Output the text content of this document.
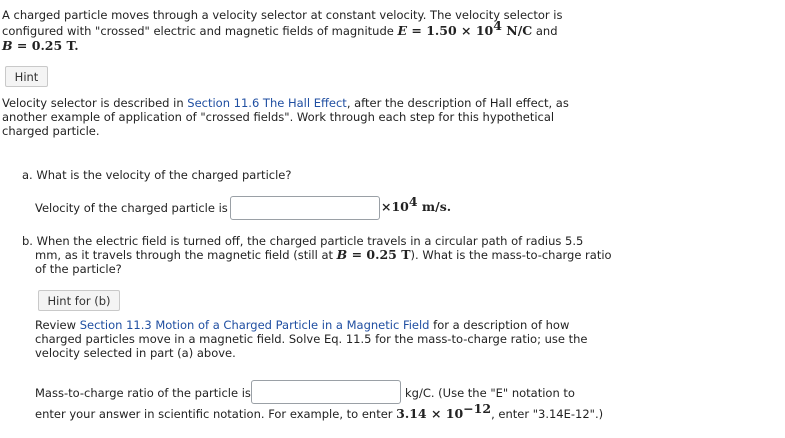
A charged particle moves through a velocity selector at constant velocity. The velocity selector is
configured with "crossed" electric and magnetic fields of magnitude $E = 1.50 \times 10^4$ N/C and
B = 0.25 T.
Hint
Velocity selector is described in Section 11.6 The Hall Effect, after the description of Hall effect, as
another example of application of "crossed fields". Work through each step for this hypothetical
charged particle.
a. What is the velocity of the charged particle?
Velocity of the charged particle is	$\times 10^4$ m/s.
b. When the electric field is turned off, the charged particle travels in a circular path of radius 5.5
mm, as it travels through the magnetic field (still at B = 0.25 T). What is the mass-to-charge ratio
of the particle?
Hint for (b)
Review Section 11.3 Motion of a Charged Particle in a Magnetic Field for a description of how
charged particles move in a magnetic field. Solve Eq. 11.5 for the mass-to-charge ratio; use the
velocity selected in part (a) above.
Mass-to-charge ratio of the particle is	kg/C. (Use the "E" notation to
enter your answer in scientific notation. For example, to enter $3.14 \times 10^{-12}$, enter "3.14E-12".)
